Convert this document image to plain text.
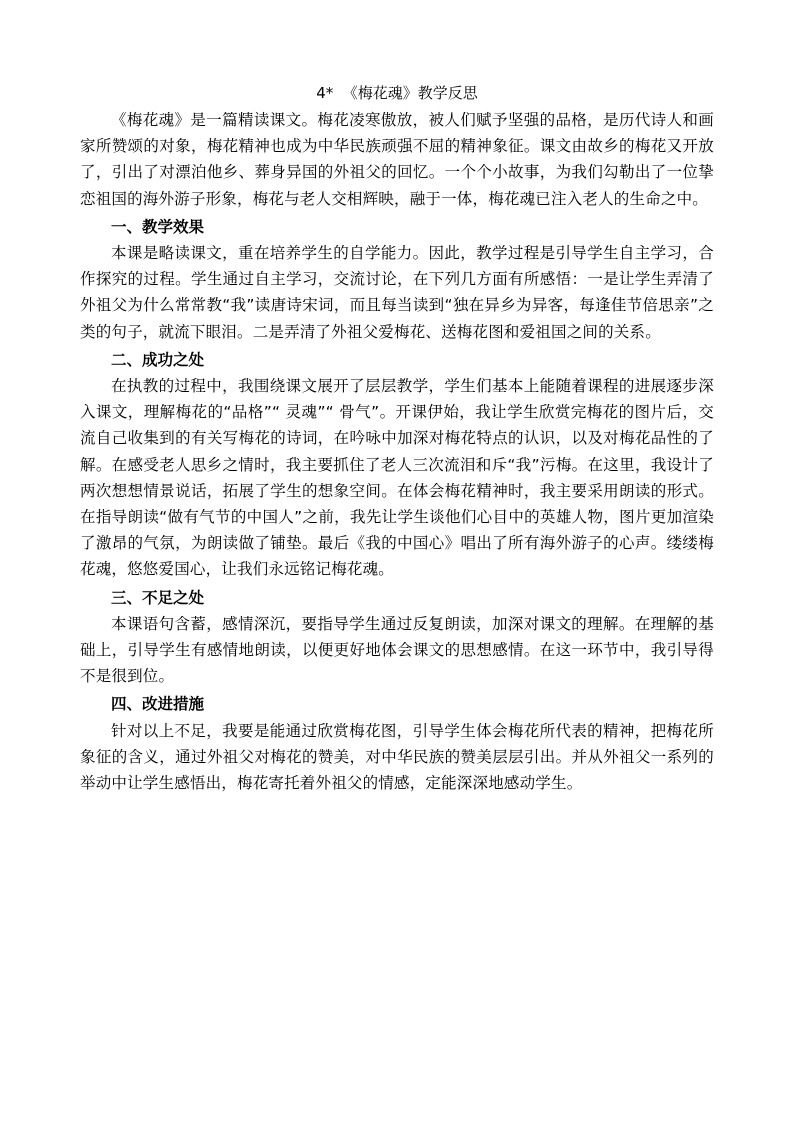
4*  《梅花魂》教学反思

《梅花魂》是一篇精读课文。梅花凌寒傲放，被人们赋予坚强的品格，是历代诗人和画家所赞颂的对象，梅花精神也成为中华民族顽强不屈的精神象征。课文由故乡的梅花又开放了，引出了对漂泊他乡、葬身异国的外祖父的回忆。一个个小故事，为我们勾勒出了一位挚恋祖国的海外游子形象，梅花与老人交相辉映，融于一体，梅花魂已注入老人的生命之中。

一、教学效果

本课是略读课文，重在培养学生的自学能力。因此，教学过程是引导学生自主学习，合作探究的过程。学生通过自主学习，交流讨论，在下列几方面有所感悟：一是让学生弄清了外祖父为什么常常教“我”读唐诗宋词，而且每当读到“独在异乡为异客，每逢佳节倍思亲”之类的句子，就流下眼泪。二是弄清了外祖父爱梅花、送梅花图和爱祖国之间的关系。

二、成功之处

在执教的过程中，我围绕课文展开了层层教学，学生们基本上能随着课程的进展逐步深入课文，理解梅花的“品格”“ 灵魂”“ 骨气”。开课伊始，我让学生欣赏完梅花的图片后，交流自己收集到的有关写梅花的诗词，在吟咏中加深对梅花特点的认识，以及对梅花品性的了解。在感受老人思乡之情时，我主要抓住了老人三次流泪和斥“我”污梅。在这里，我设计了两次想想情景说话，拓展了学生的想象空间。在体会梅花精神时，我主要采用朗读的形式。在指导朗读“做有气节的中国人”之前，我先让学生谈他们心目中的英雄人物，图片更加渲染了激昂的气氛，为朗读做了铺垫。最后《我的中国心》唱出了所有海外游子的心声。缕缕梅花魂，悠悠爱国心，让我们永远铭记梅花魂。

三、不足之处

本课语句含蓄，感情深沉，要指导学生通过反复朗读，加深对课文的理解。在理解的基础上，引导学生有感情地朗读，以便更好地体会课文的思想感情。在这一环节中，我引导得不是很到位。

四、改进措施

针对以上不足，我要是能通过欣赏梅花图，引导学生体会梅花所代表的精神，把梅花所象征的含义，通过外祖父对梅花的赞美，对中华民族的赞美层层引出。并从外祖父一系列的举动中让学生感悟出，梅花寄托着外祖父的情感，定能深深地感动学生。
